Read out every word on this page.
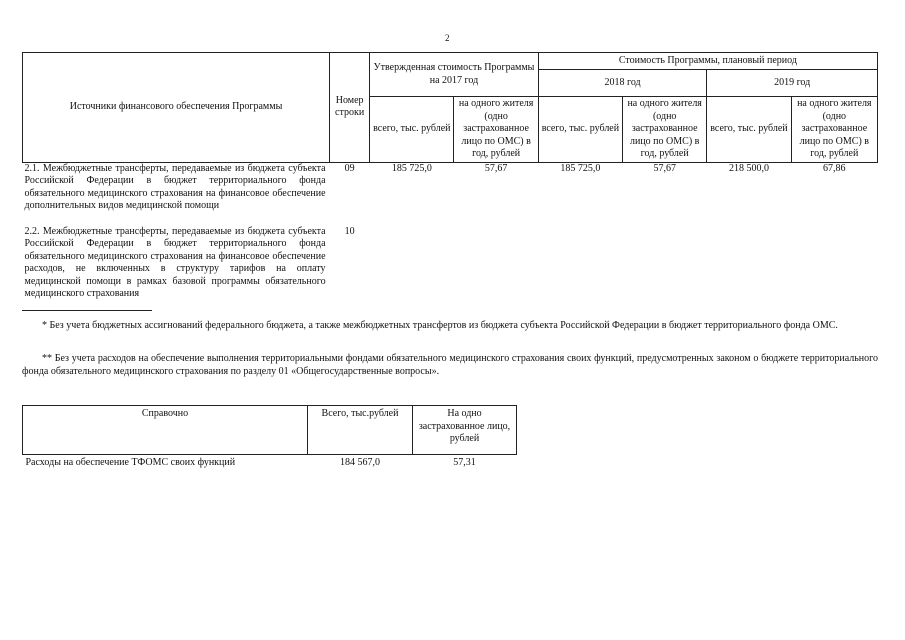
2
Источники финансового обеспечения Программы	Номер строки	Утвержденная стоимость Программы на 2017 год		Стоимость Программы, плановый период			
				2018 год		2019 год	
		всего, тыс. рублей	на одного жителя (одно застрахованное лицо по ОМС) в год, рублей	всего, тыс. рублей	на одного жителя (одно застрахованное лицо по ОМС) в год, рублей	всего, тыс. рублей	на одного жителя (одно застрахованное лицо по ОМС) в год, рублей
2.1. Межбюджетные трансферты, передаваемые из бюджета субъекта Российской Федерации в бюджет территориального фонда обязательного медицинского страхования на финансовое обеспечение дополнительных видов медицинской помощи	09	185 725,0	57,67	185 725,0	57,67	218 500,0	67,86

2.2. Межбюджетные трансферты, передаваемые из бюджета субъекта Российской Федерации в бюджет территориального фонда обязательного медицинского страхования на финансовое обеспечение расходов, не включенных в структуру тарифов на оплату медицинской помощи в рамках базовой программы обязательного медицинского страхования	10						
* Без учета бюджетных ассигнований федерального бюджета, а также межбюджетных трансфертов из бюджета субъекта Российской Федерации в бюджет территориального фонда ОМС.
** Без учета расходов на обеспечение выполнения территориальными фондами обязательного медицинского страхования своих функций, предусмотренных законом о бюджете территориального фонда обязательного медицинского страхования по разделу 01 «Общегосударственные вопросы».
Справочно	Всего, тыс.рублей	На одно застрахованное лицо, рублей
Расходы на обеспечение ТФОМС своих функций	184 567,0	57,31
